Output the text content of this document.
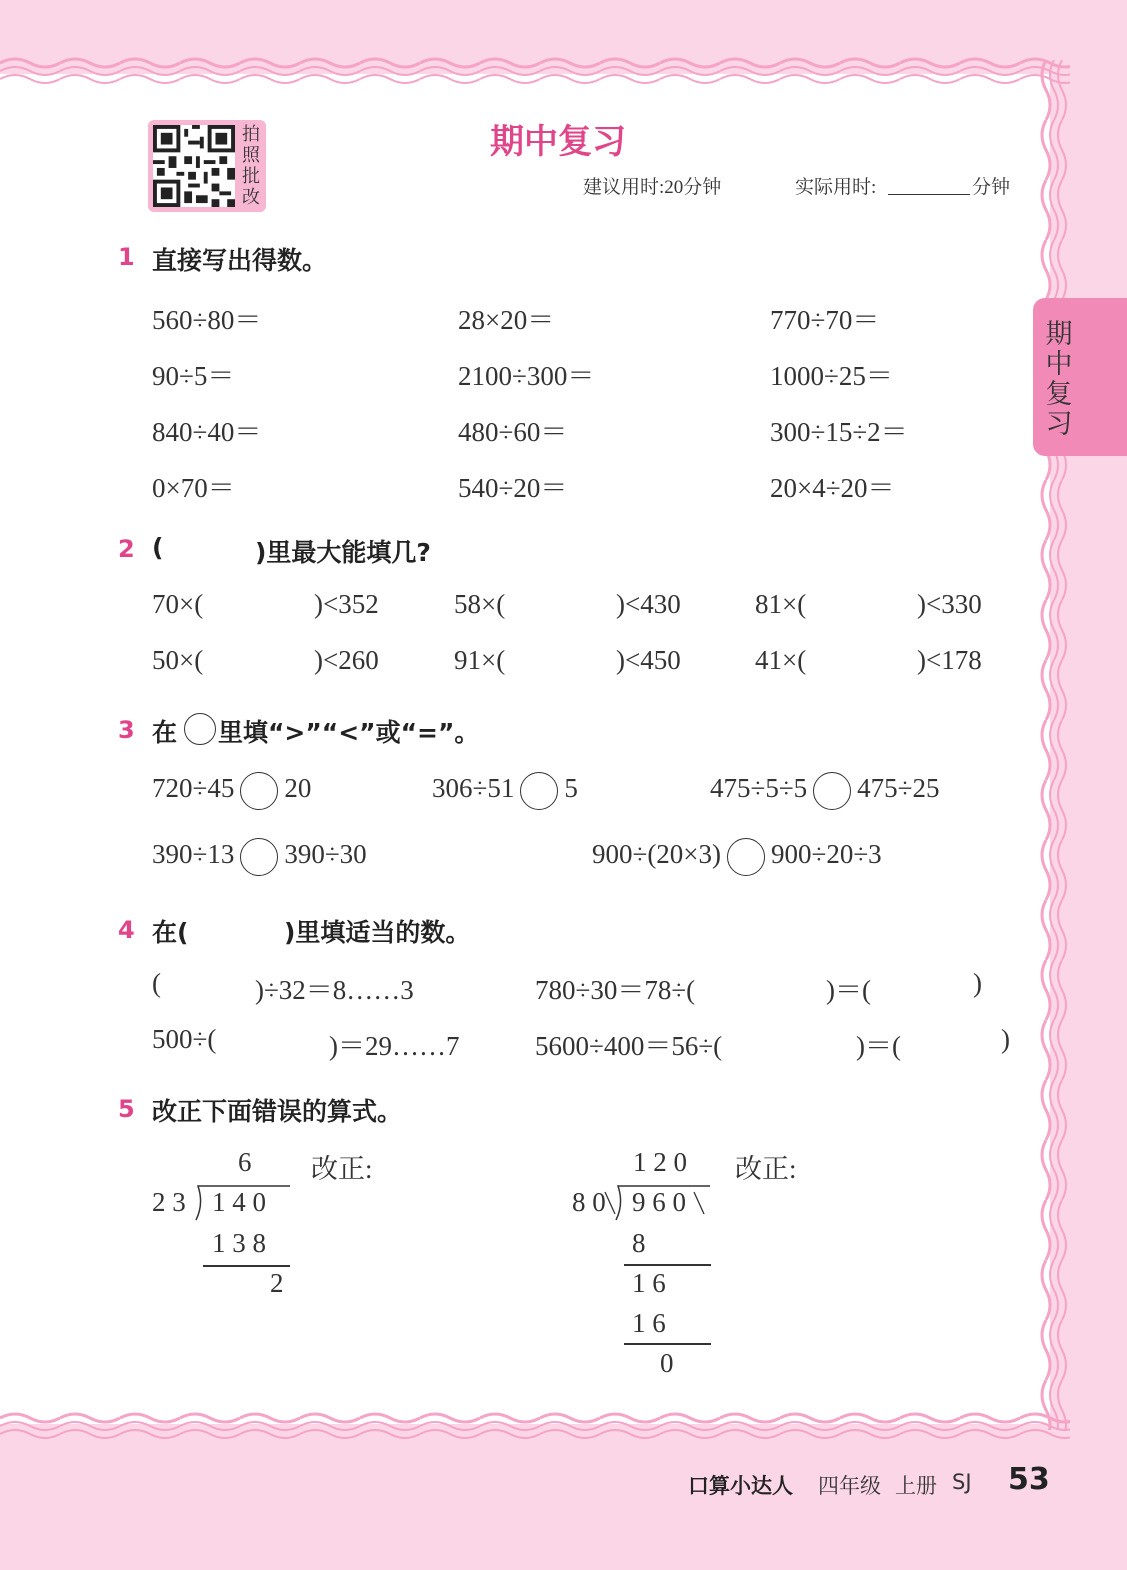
期
中
复
习
拍
照
批
改
期中复习
建议用时:20分钟	实际用时:	分钟
1 直接写出得数。
560÷80＝	28×20＝	770÷70＝
90÷5＝	2100÷300＝	1000÷25＝
840÷40＝	480÷60＝	300÷15÷2＝
0×70＝	540÷20＝	20×4÷20＝
2 (	)里最大能填几?
70×(	)<352	58×(	)<430	81×(	)<330
50×(	)<260	91×(	)<450	41×(	)<178
3 在 里填“>”“<”或“=”。
720÷45 20	306÷51 5	475÷5÷5 475÷25
390÷13 390÷30	900÷(20×3) 900÷20÷3
4 在(	)里填适当的数。
(	)÷32＝8……3	780÷30＝78÷(	)＝(	)
500÷(	)＝29……7	5600÷400＝56÷(	)＝(	)
5 改正下面错误的算式。
6 改正:
2 3 1 4 0
1 3 8
2
1 2 0 改正:
8 0 9 6 0
8
1 6
1 6
0
口算小达人 四年级 上册 SJ 53
